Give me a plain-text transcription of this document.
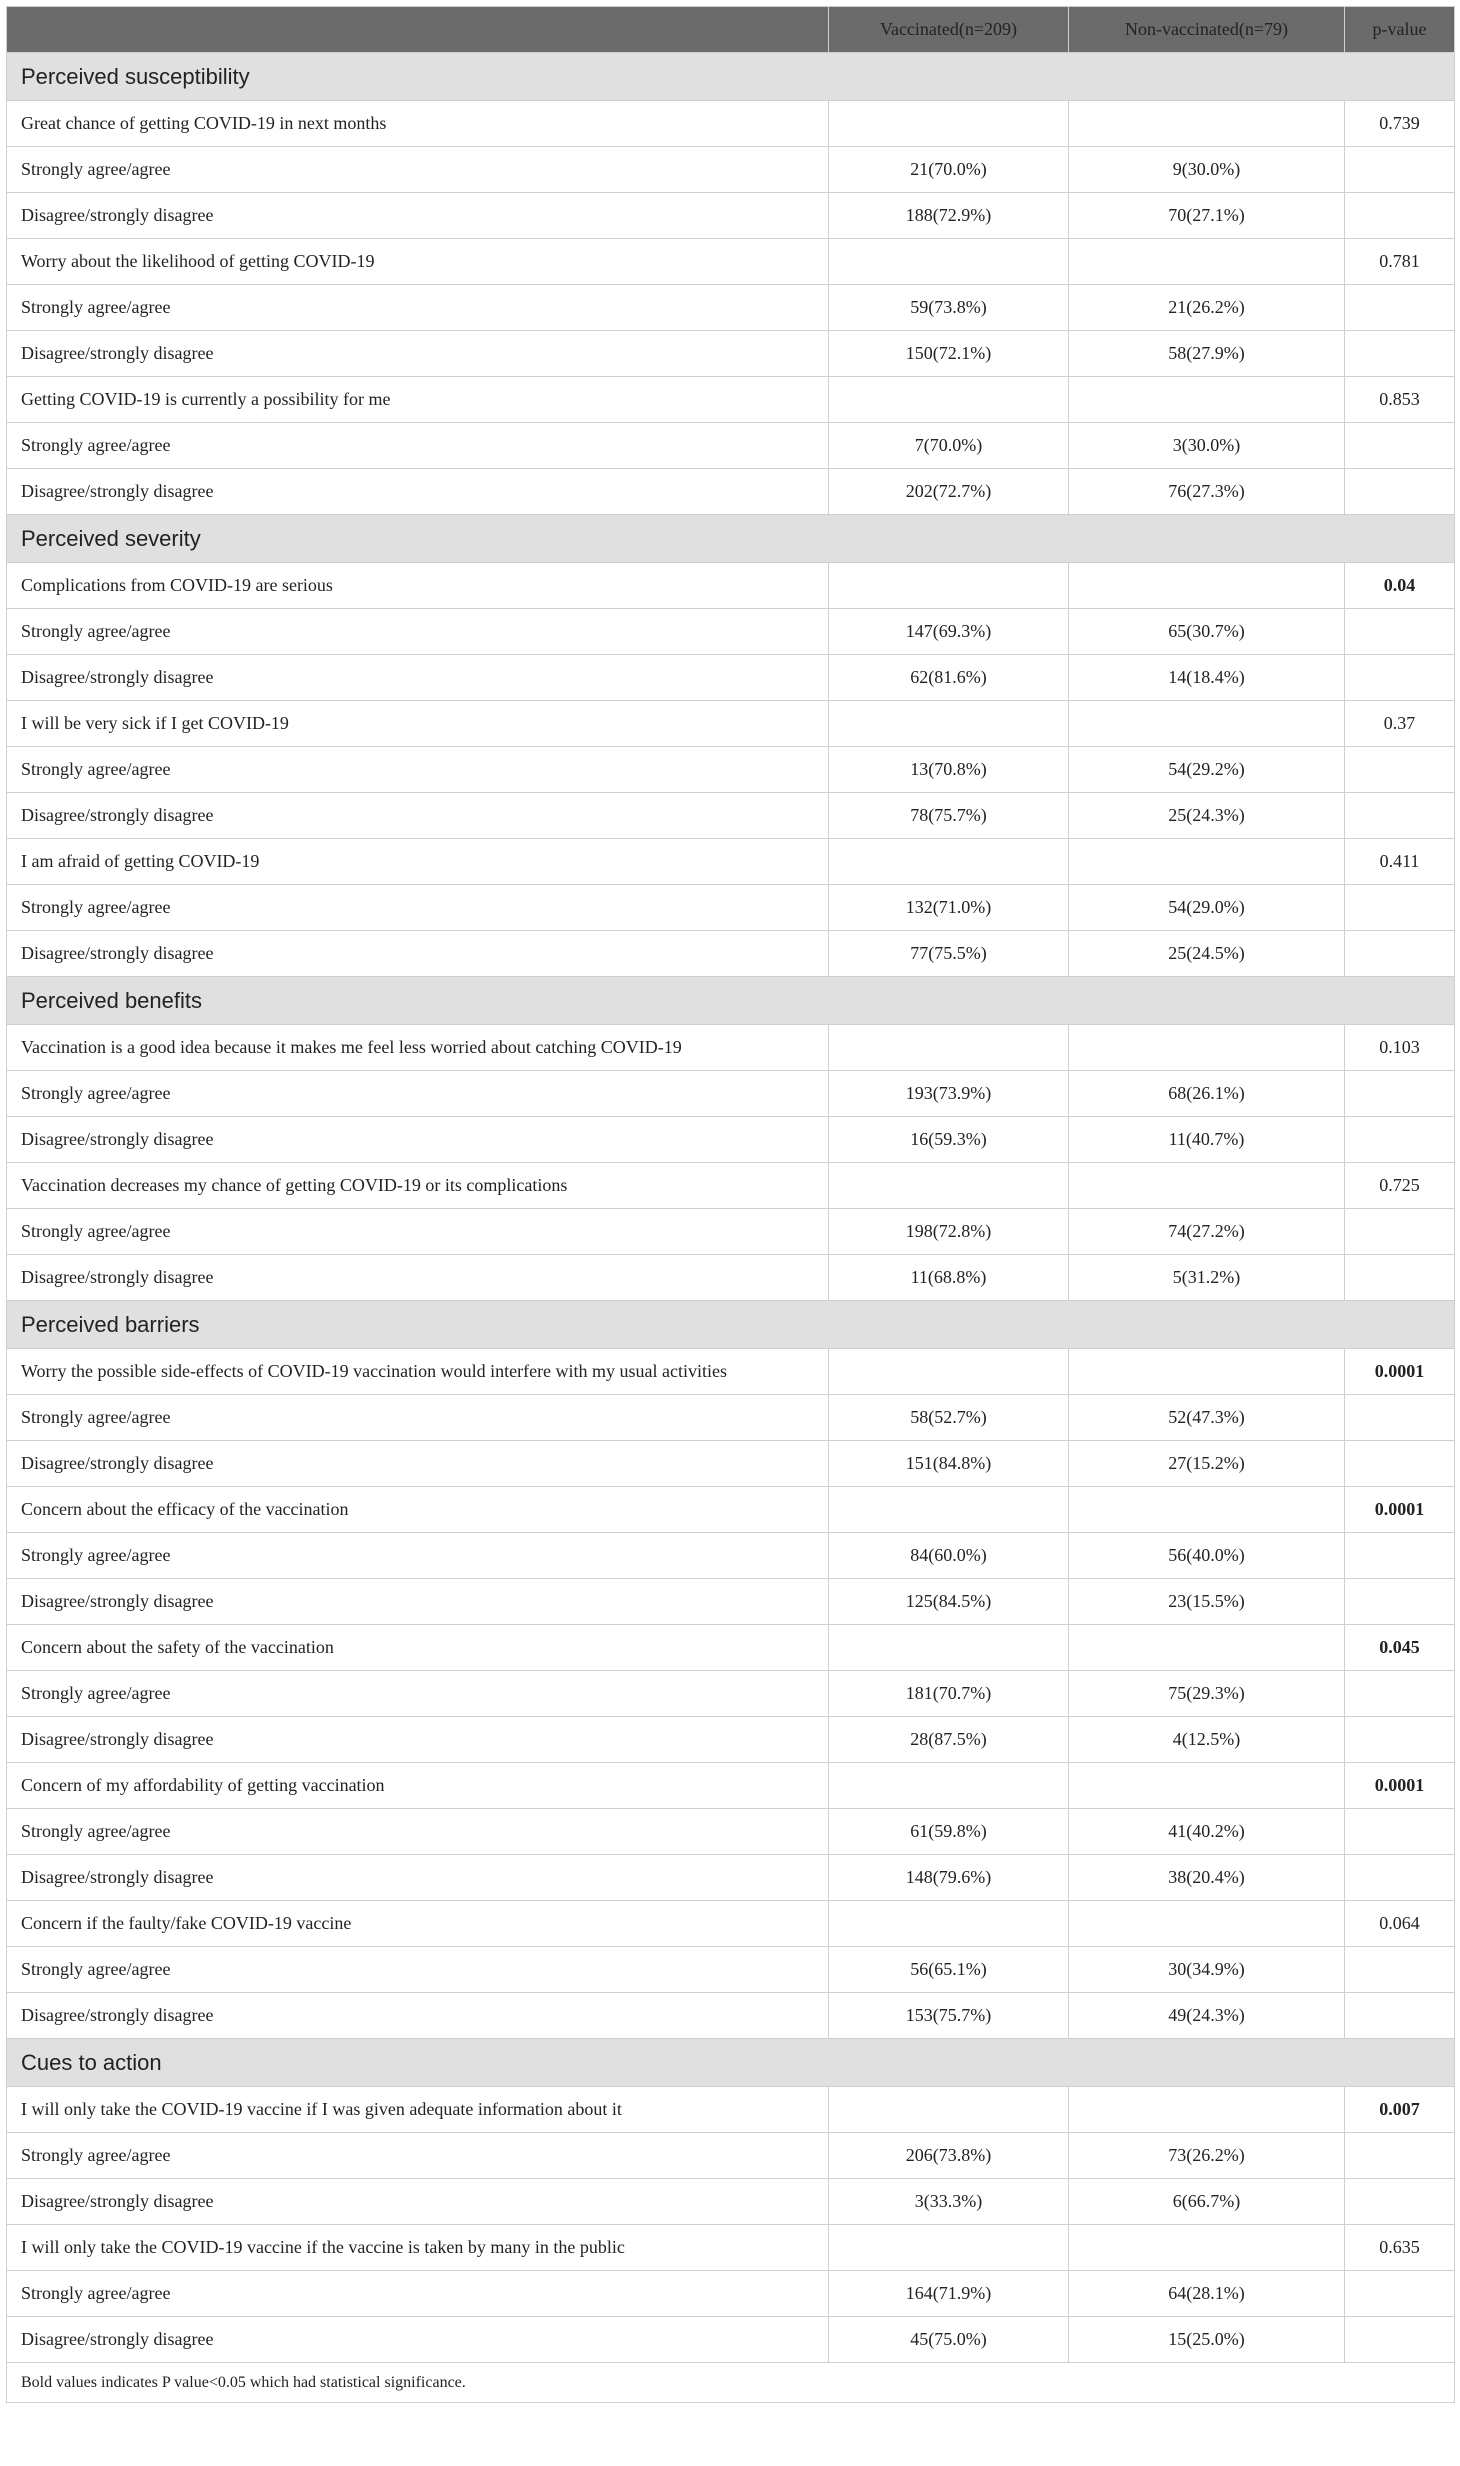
	Vaccinated(n=209)	Non-vaccinated(n=79)	p-value
Perceived susceptibility			
Great chance of getting COVID-19 in next months			0.739
Strongly agree/agree	21(70.0%)	9(30.0%)	
Disagree/strongly disagree	188(72.9%)	70(27.1%)	
Worry about the likelihood of getting COVID-19			0.781
Strongly agree/agree	59(73.8%)	21(26.2%)	
Disagree/strongly disagree	150(72.1%)	58(27.9%)	
Getting COVID-19 is currently a possibility for me			0.853
Strongly agree/agree	7(70.0%)	3(30.0%)	
Disagree/strongly disagree	202(72.7%)	76(27.3%)	
Perceived severity			
Complications from COVID-19 are serious			0.04
Strongly agree/agree	147(69.3%)	65(30.7%)	
Disagree/strongly disagree	62(81.6%)	14(18.4%)	
I will be very sick if I get COVID-19			0.37
Strongly agree/agree	13(70.8%)	54(29.2%)	
Disagree/strongly disagree	78(75.7%)	25(24.3%)	
I am afraid of getting COVID-19			0.411
Strongly agree/agree	132(71.0%)	54(29.0%)	
Disagree/strongly disagree	77(75.5%)	25(24.5%)	
Perceived benefits			
Vaccination is a good idea because it makes me feel less worried about catching COVID-19			0.103
Strongly agree/agree	193(73.9%)	68(26.1%)	
Disagree/strongly disagree	16(59.3%)	11(40.7%)	
Vaccination decreases my chance of getting COVID-19 or its complications			0.725
Strongly agree/agree	198(72.8%)	74(27.2%)	
Disagree/strongly disagree	11(68.8%)	5(31.2%)	
Perceived barriers			
Worry the possible side-effects of COVID-19 vaccination would interfere with my usual activities			0.0001
Strongly agree/agree	58(52.7%)	52(47.3%)	
Disagree/strongly disagree	151(84.8%)	27(15.2%)	
Concern about the efficacy of the vaccination			0.0001
Strongly agree/agree	84(60.0%)	56(40.0%)	
Disagree/strongly disagree	125(84.5%)	23(15.5%)	
Concern about the safety of the vaccination			0.045
Strongly agree/agree	181(70.7%)	75(29.3%)	
Disagree/strongly disagree	28(87.5%)	4(12.5%)	
Concern of my affordability of getting vaccination			0.0001
Strongly agree/agree	61(59.8%)	41(40.2%)	
Disagree/strongly disagree	148(79.6%)	38(20.4%)	
Concern if the faulty/fake COVID-19 vaccine			0.064
Strongly agree/agree	56(65.1%)	30(34.9%)	
Disagree/strongly disagree	153(75.7%)	49(24.3%)	
Cues to action			
I will only take the COVID-19 vaccine if I was given adequate information about it			0.007
Strongly agree/agree	206(73.8%)	73(26.2%)	
Disagree/strongly disagree	3(33.3%)	6(66.7%)	
I will only take the COVID-19 vaccine if the vaccine is taken by many in the public			0.635
Strongly agree/agree	164(71.9%)	64(28.1%)	
Disagree/strongly disagree	45(75.0%)	15(25.0%)	
Bold values indicates P value<0.05 which had statistical significance.			
